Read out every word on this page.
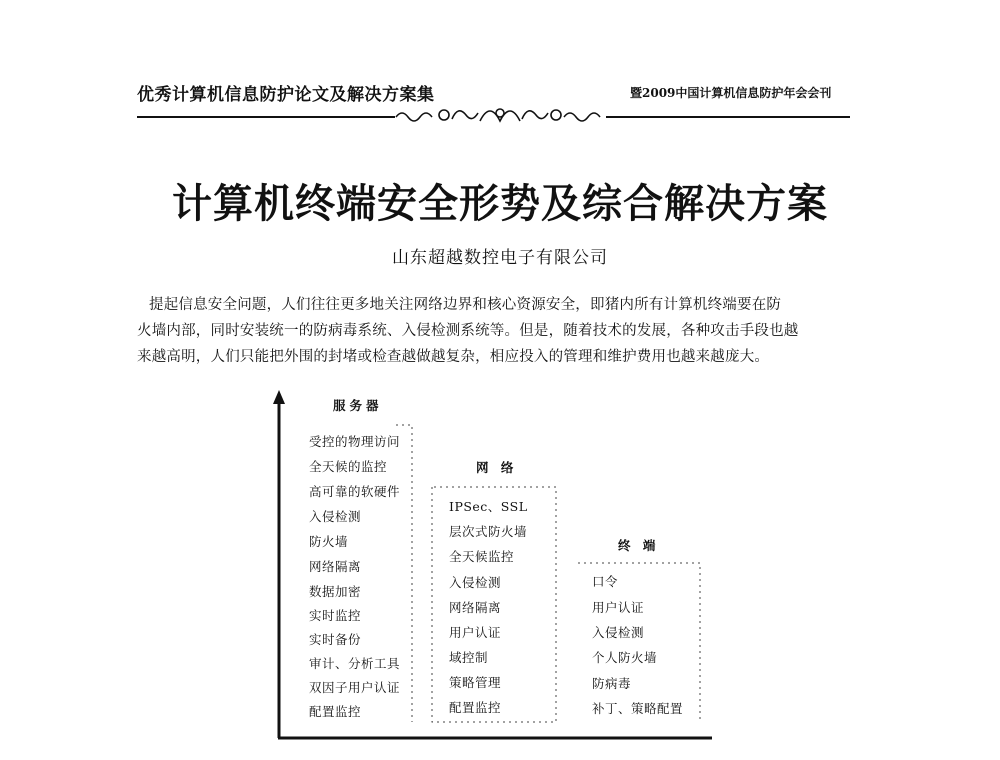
优秀计算机信息防护论文及解决方案集	暨2009中国计算机信息防护年会会刊
计算机终端安全形势及综合解决方案
山东超越数控电子有限公司
提起信息安全问题，人们往往更多地关注网络边界和核心资源安全，即猪内所有计算机终端要在防
火墙内部，同时安装统一的防病毒系统、入侵检测系统等。但是，随着技术的发展，各种攻击手段也越
来越高明，人们只能把外围的封堵或检查越做越复杂，相应投入的管理和维护费用也越来越庞大。
服务器
受控的物理访问
全天候的监控
高可靠的软硬件
入侵检测
防火墙
网络隔离
数据加密
实时监控
实时备份
审计、分析工具
双因子用户认证
配置监控
网 络
IPSec、SSL
层次式防火墙
全天候监控
入侵检测
网络隔离
用户认证
域控制
策略管理
配置监控
终 端
口令
用户认证
入侵检测
个人防火墙
防病毒
补丁、策略配置
